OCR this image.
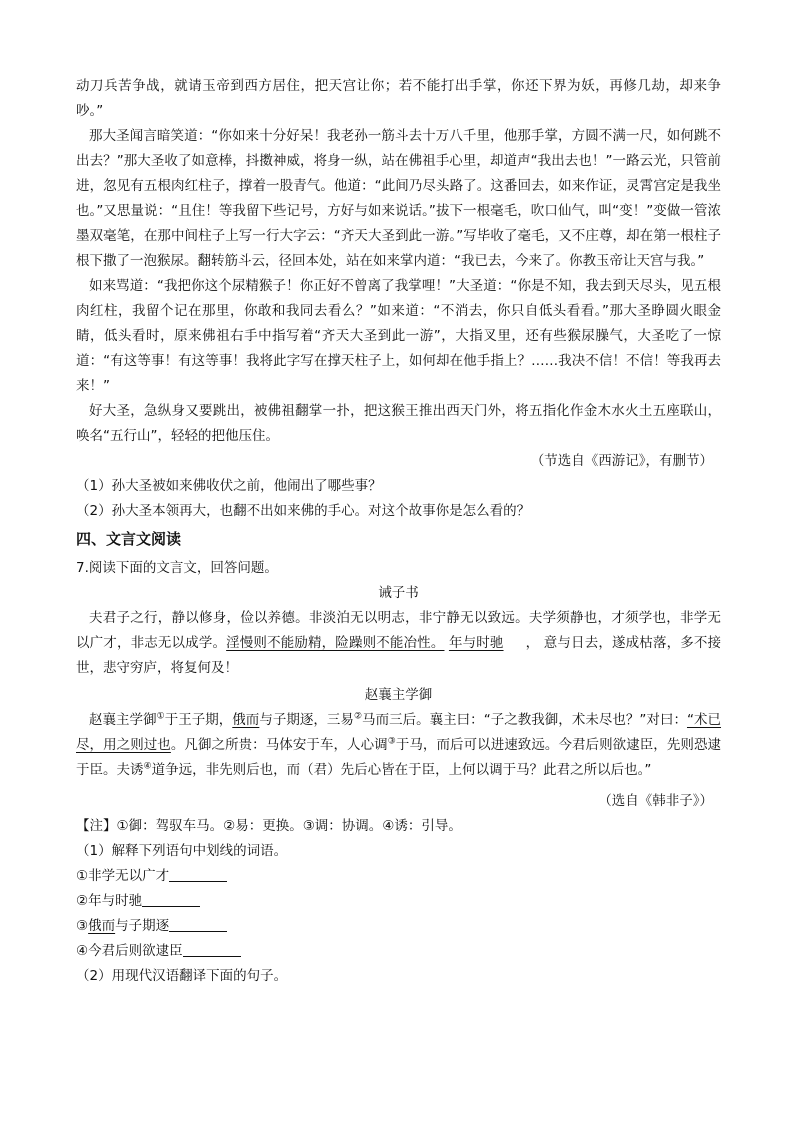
动刀兵苦争战，就请玉帝到西方居住，把天宫让你；若不能打出手掌，你还下界为妖，再修几劫，却来争吵。”

那大圣闻言暗笑道：“你如来十分好呆！我老孙一筋斗去十万八千里，他那手掌，方圆不满一尺，如何跳不出去？”那大圣收了如意棒，抖擞神威，将身一纵，站在佛祖手心里，却道声“我出去也！”一路云光，只管前进，忽见有五根肉红柱子，撑着一股青气。他道：“此间乃尽头路了。这番回去，如来作证，灵霄宫定是我坐也。”又思量说：“且住！等我留下些记号，方好与如来说话。”拔下一根毫毛，吹口仙气，叫“变！”变做一管浓墨双毫笔，在那中间柱子上写一行大字云：“齐天大圣到此一游。”写毕收了毫毛，又不庄尊，却在第一根柱子根下撒了一泡猴尿。翻转筋斗云，径回本处，站在如来掌内道：“我已去，今来了。你教玉帝让天宫与我。”

如来骂道：“我把你这个尿精猴子！你正好不曾离了我掌哩！”大圣道：“你是不知，我去到天尽头，见五根肉红柱，我留个记在那里，你敢和我同去看么？”如来道：“不消去，你只自低头看看。”那大圣睁圆火眼金睛，低头看时，原来佛祖右手中指写着“齐天大圣到此一游”，大指叉里，还有些猴尿臊气，大圣吃了一惊道：“有这等事！有这等事！我将此字写在撑天柱子上，如何却在他手指上？……我决不信！不信！等我再去来！”

好大圣，急纵身又要跳出，被佛祖翻掌一扑，把这猴王推出西天门外，将五指化作金木水火土五座联山，唤名“五行山”，轻轻的把他压住。

（节选自《西游记》，有删节）

（1）孙大圣被如来佛收伏之前，他闹出了哪些事？

（2）孙大圣本领再大，也翻不出如来佛的手心。对这个故事你是怎么看的？

四、文言文阅读

7.阅读下面的文言文，回答问题。

诫子书

夫君子之行，静以修身，俭以养德。非淡泊无以明志，非宁静无以致远。夫学须静也，才须学也，非学无以广才，非志无以成学。淫慢则不能励精，险躁则不能冶性。 年与时驰 ， 意与日去，遂成枯落，多不接世，悲守穷庐，将复何及！

赵襄主学御

赵襄主学御①于王子期，俄而与子期逐，三易②马而三后。襄主曰：“子之教我御，术未尽也？”对曰：“术已尽，用之则过也。凡御之所贵：马体安于车，人心调③于马，而后可以进速致远。今君后则欲逮臣，先则恐逮于臣。夫诱④道争远，非先则后也，而（君）先后心皆在于臣，上何以调于马？此君之所以后也。”

（选自《韩非子》）

【注】①御：驾驭车马。②易：更换。③调：协调。④诱：引导。

（1）解释下列语句中划线的词语。

①非学无以广才

②年与时驰

③俄而与子期逐

④今君后则欲逮臣

（2）用现代汉语翻译下面的句子。
